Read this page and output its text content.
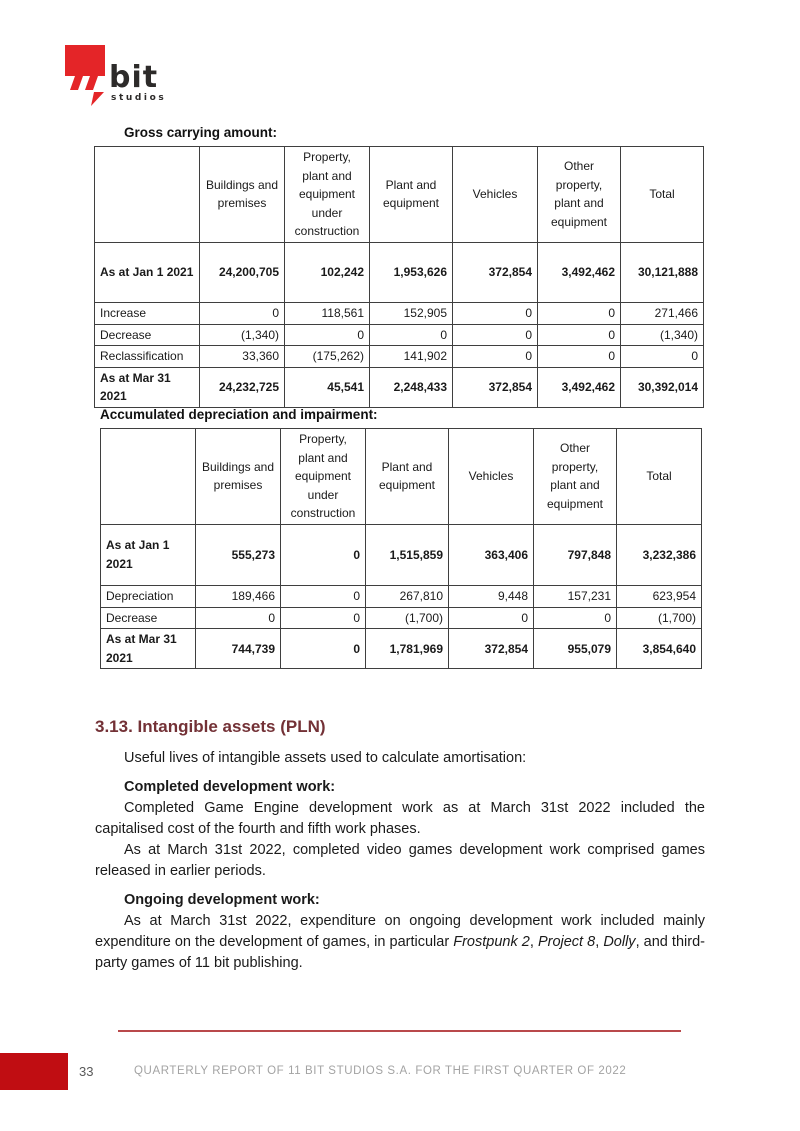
bit
studios
Gross carrying amount:
	Buildings and premises	Property, plant and equipment under construction	Plant and equipment	Vehicles	Other property, plant and equipment	Total
As at Jan 1 2021	24,200,705	102,242	1,953,626	372,854	3,492,462	30,121,888
Increase	0	118,561	152,905	0	0	271,466
Decrease	(1,340)	0	0	0	0	(1,340)
Reclassification	33,360	(175,262)	141,902	0	0	0
As at Mar 31 2021	24,232,725	45,541	2,248,433	372,854	3,492,462	30,392,014
Accumulated depreciation and impairment:
	Buildings and premises	Property, plant and equipment under construction	Plant and equipment	Vehicles	Other property, plant and equipment	Total
As at Jan 1 2021	555,273	0	1,515,859	363,406	797,848	3,232,386
Depreciation	189,466	0	267,810	9,448	157,231	623,954
Decrease	0	0	(1,700)	0	0	(1,700)
As at Mar 31 2021	744,739	0	1,781,969	372,854	955,079	3,854,640
3.13. Intangible assets (PLN)

Useful lives of intangible assets used to calculate amortisation:

Completed development work:

Completed Game Engine development work as at March 31st 2022 included the capitalised cost of the fourth and fifth work phases.

As at March 31st 2022, completed video games development work comprised games released in earlier periods.

Ongoing development work:

As at March 31st 2022, expenditure on ongoing development work included mainly expenditure on the development of games, in particular Frostpunk 2, Project 8, Dolly, and third-party games of 11 bit publishing.

33	QUARTERLY REPORT OF 11 BIT STUDIOS S.A. FOR THE FIRST QUARTER OF 2022
